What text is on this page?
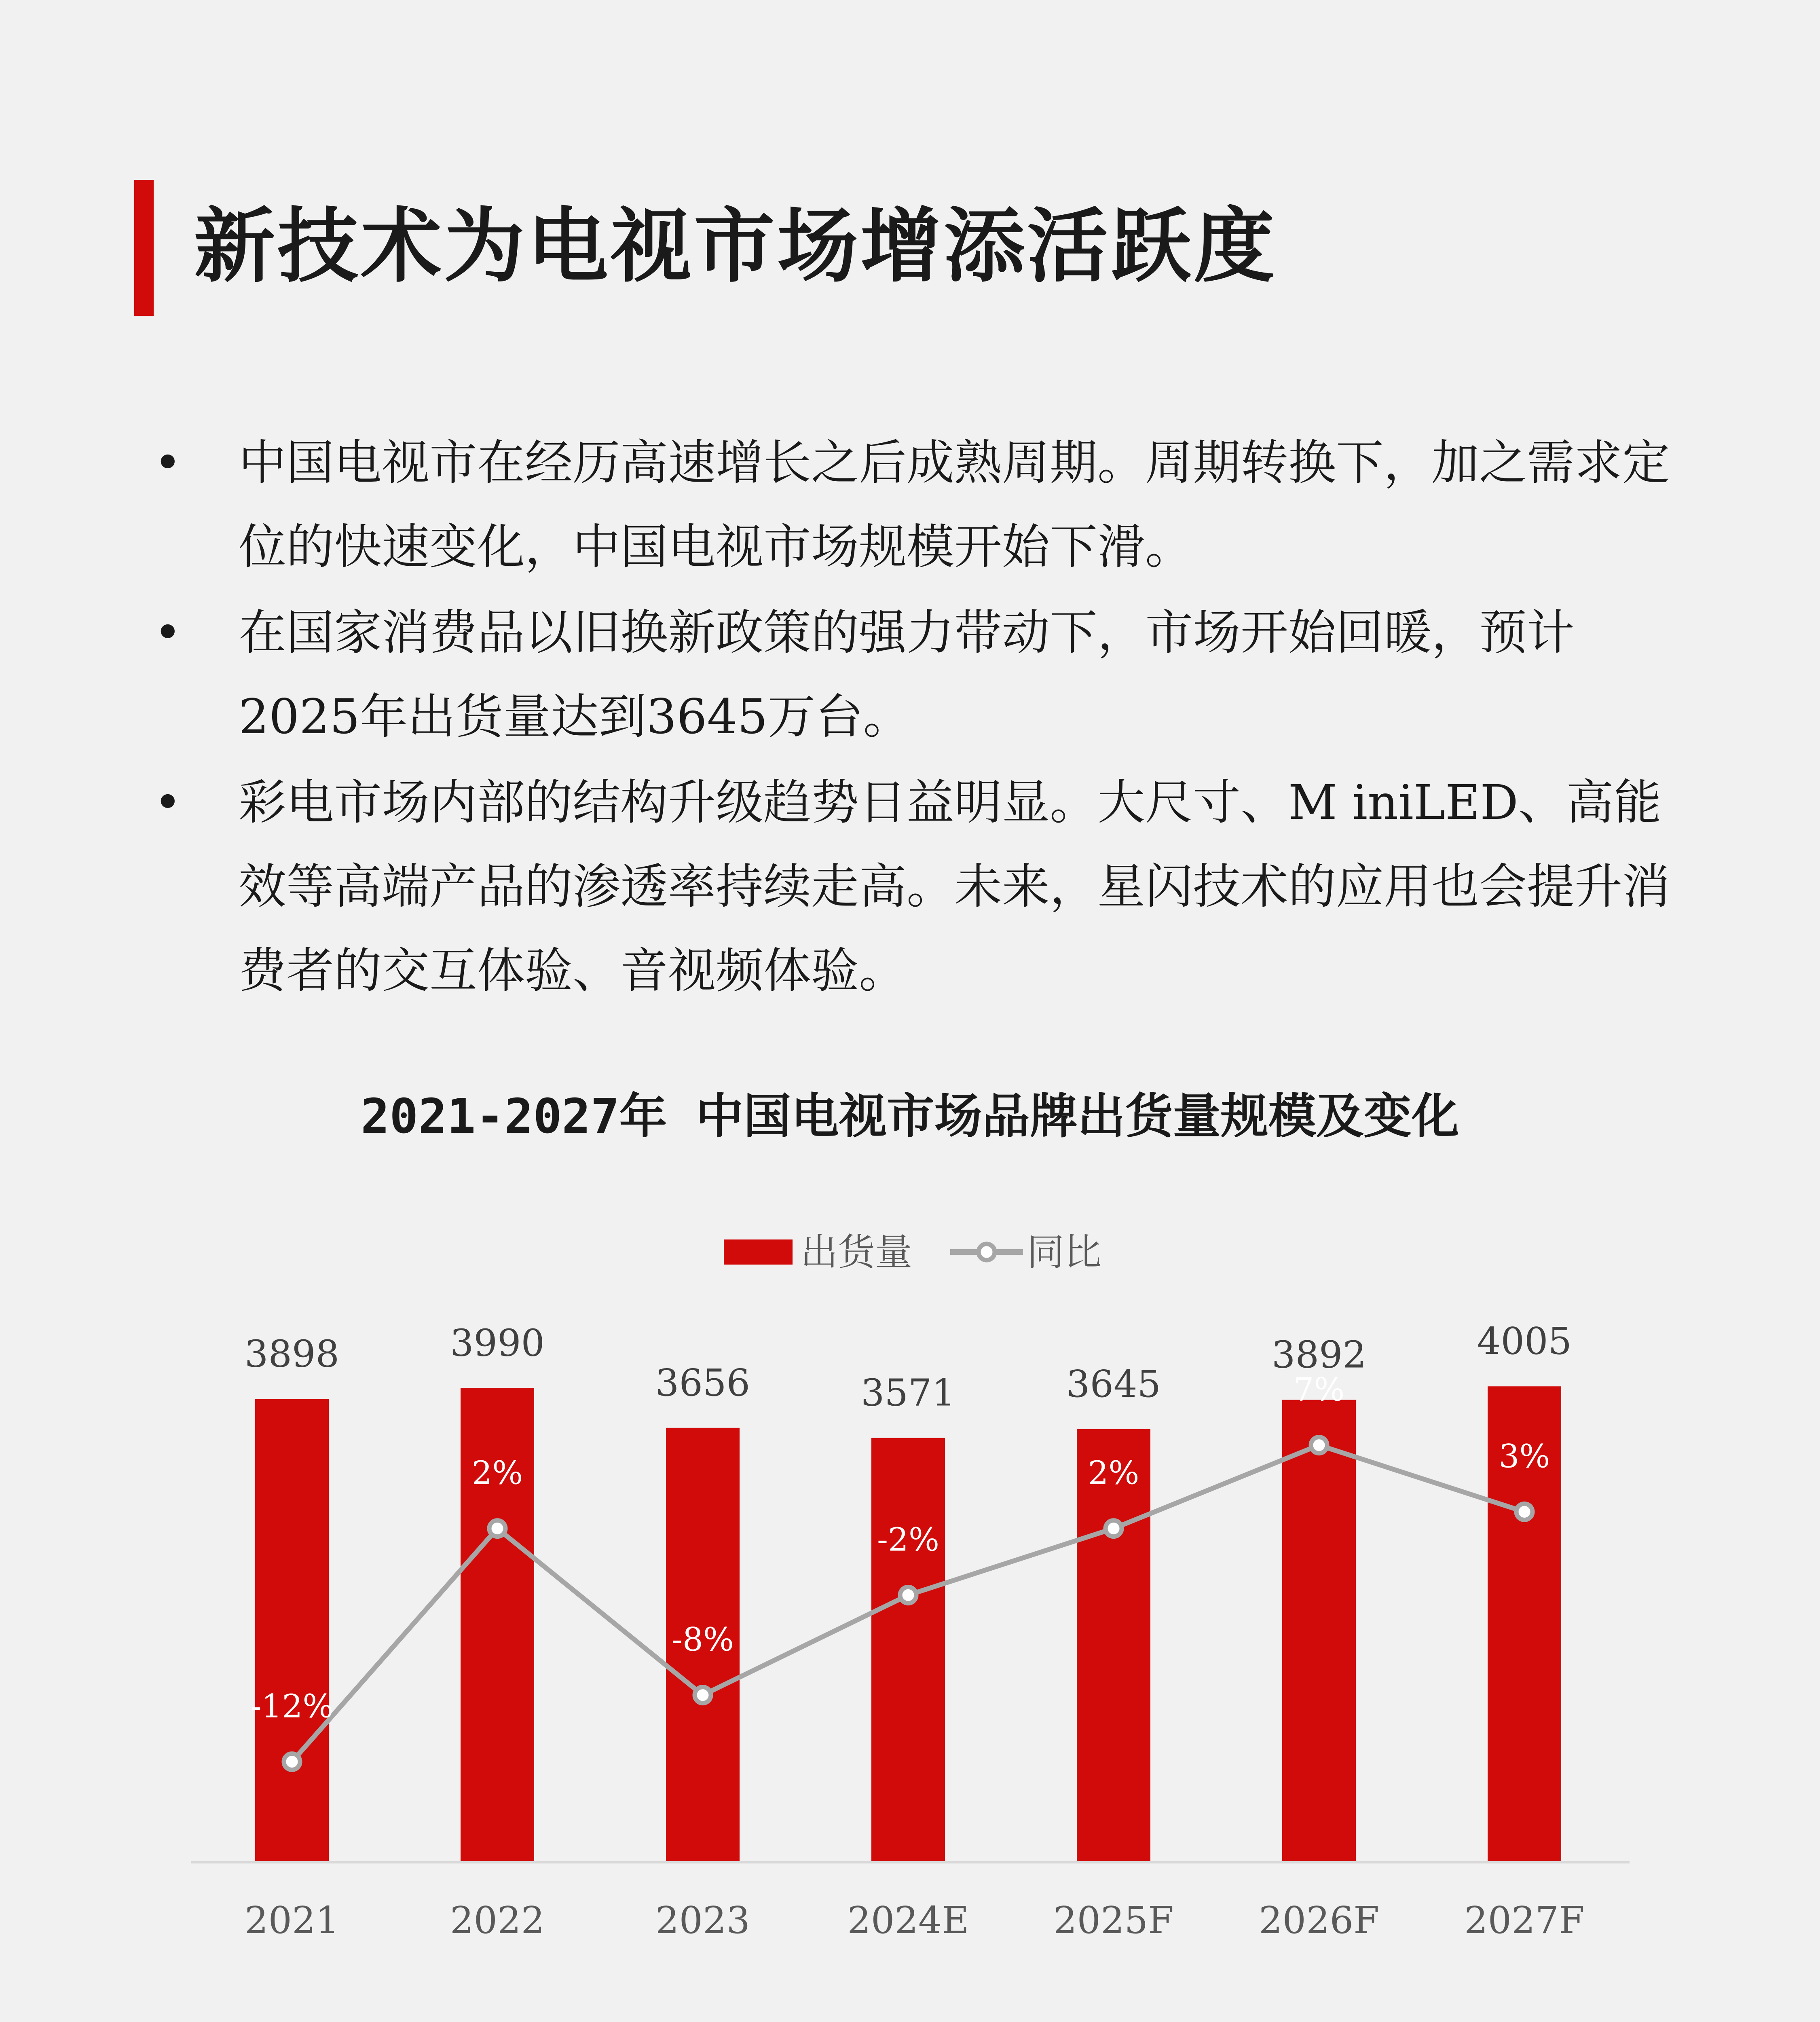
新技术为电视市场增添活跃度
• 中国电视市在经历高速增长之后成熟周期。周期转换下，加之需求定位的快速变化，中国电视市场规模开始下滑。
• 在国家消费品以旧换新政策的强力带动下，市场开始回暖，预计2025年出货量达到3645万台。
• 彩电市场内部的结构升级趋势日益明显。大尺寸、M iniLED、高能效等高端产品的渗透率持续走高。未来，星闪技术的应用也会提升消费者的交互体验、音视频体验。
2021-2027年 中国电视市场品牌出货量规模及变化
出货量	同比
3898	3990
3656	3571	3645
3892	4005
-12%
2%
-8%
-2%
2%
7%
3%
2021	2022	2023	2024E 2025F 2026F 2027F
